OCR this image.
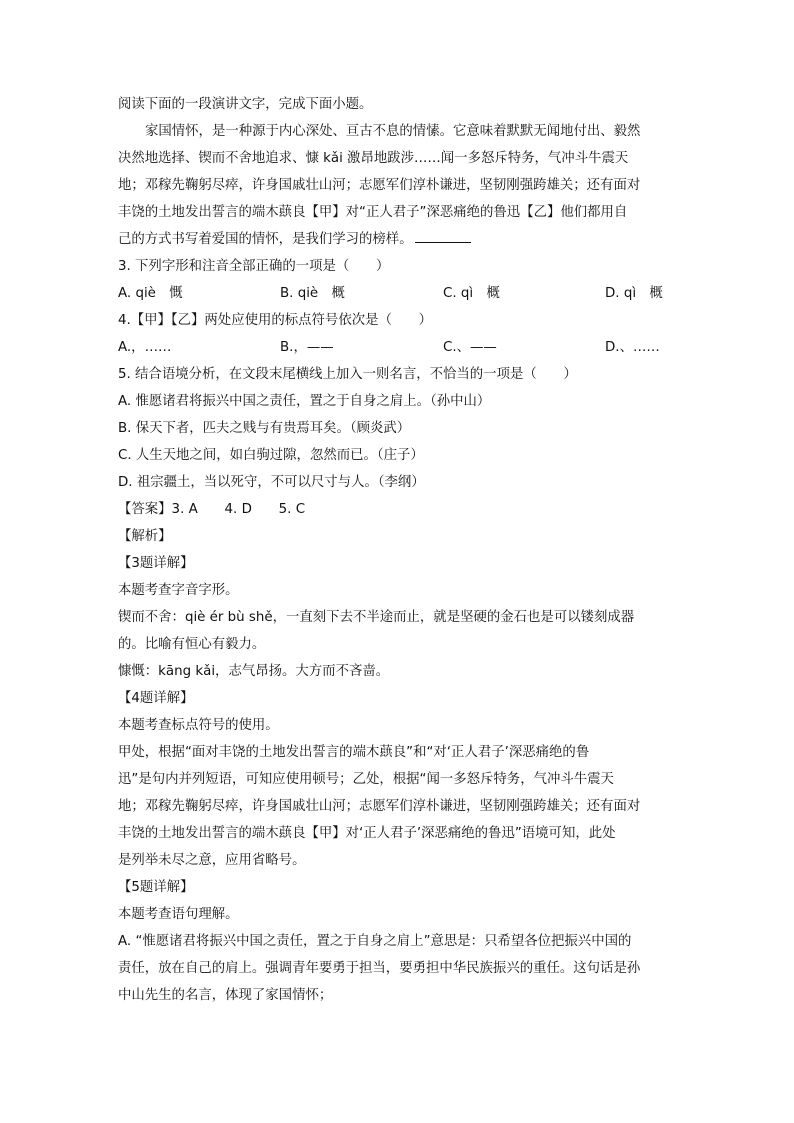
阅读下面的一段演讲文字，完成下面小题。
家国情怀，是一种源于内心深处、亘古不息的情愫。它意味着默默无闻地付出、毅然
决然地选择、锲而不舍地追求、慷 kǎi 激昂地跋涉……闻一多怒斥特务，气冲斗牛震天
地；邓稼先鞠躬尽瘁，许身国戚壮山河；志愿军们淳朴谦进，坚韧刚强跨雄关；还有面对
丰饶的土地发出誓言的端木蕻良【甲】对“正人君子”深恶痛绝的鲁迅【乙】他们都用自
己的方式书写着爱国的情怀，是我们学习的榜样。
3. 下列字形和注音全部正确的一项是（　　）
A. qiè　慨	B. qiè　概	C. qì　概	D. qì　概
4.【甲】【乙】两处应使用的标点符号依次是（　　）
A.，……	B.，——	C.、——	D.、……
5. 结合语境分析，在文段末尾横线上加入一则名言，不恰当的一项是（　　）
A. 惟愿诸君将振兴中国之责任，置之于自身之肩上。（孙中山）
B. 保天下者，匹夫之贱与有贵焉耳矣。（顾炎武）
C. 人生天地之间，如白驹过隙，忽然而已。（庄子）
D. 祖宗疆土，当以死守，不可以尺寸与人。（李纲）
【答案】3. A　　4. D　　5. C
【解析】
【3题详解】
本题考查字音字形。
锲而不舍：qiè ér bù shě，一直刻下去不半途而止，就是坚硬的金石也是可以镂刻成器
的。比喻有恒心有毅力。
慷慨：kāng kǎi，志气昂扬。大方而不吝啬。
【4题详解】
本题考查标点符号的使用。
甲处，根据“面对丰饶的土地发出誓言的端木蕻良”和“对‘正人君子’深恶痛绝的鲁
迅”是句内并列短语，可知应使用顿号；乙处，根据“闻一多怒斥特务，气冲斗牛震天
地；邓稼先鞠躬尽瘁，许身国戚壮山河；志愿军们淳朴谦进，坚韧刚强跨雄关；还有面对
丰饶的土地发出誓言的端木蕻良【甲】对‘正人君子’深恶痛绝的鲁迅”语境可知，此处
是列举未尽之意，应用省略号。
【5题详解】
本题考查语句理解。
A. “惟愿诸君将振兴中国之责任，置之于自身之肩上”意思是：只希望各位把振兴中国的
责任，放在自己的肩上。强调青年要勇于担当，要勇担中华民族振兴的重任。这句话是孙
中山先生的名言，体现了家国情怀；
